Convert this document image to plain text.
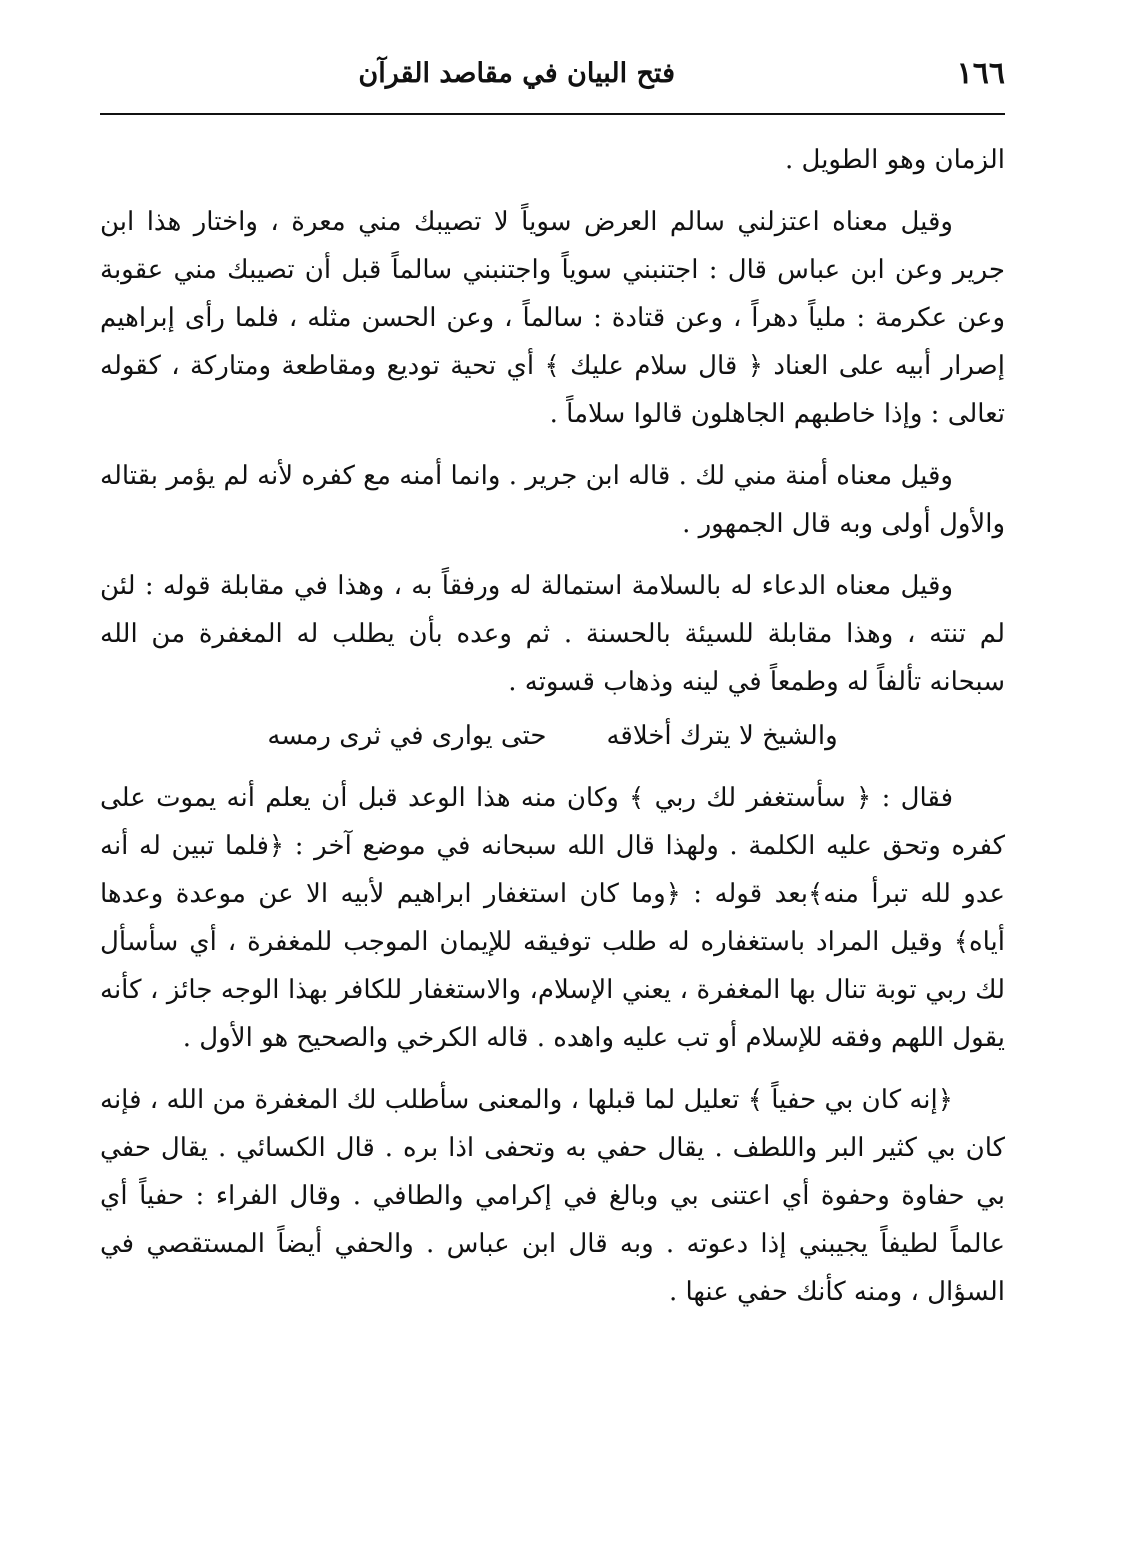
١٦٦
فتح البيان في مقاصد القرآن

الزمان وهو الطويل .

وقيل معناه اعتزلني سالم العرض سوياً لا تصيبك مني معرة ، واختار هذا ابن جرير وعن ابن عباس قال : اجتنبني سوياً واجتنبني سالماً قبل أن تصيبك مني عقوبة وعن عكرمة : ملياً دهراً ، وعن قتادة : سالماً ، وعن الحسن مثله ، فلما رأى إبراهيم إصرار أبيه على العناد ﴿ قال سلام عليك ﴾ أي تحية توديع ومقاطعة ومتاركة ، كقوله تعالى : وإذا خاطبهم الجاهلون قالوا سلاماً .

وقيل معناه أمنة مني لك . قاله ابن جرير . وانما أمنه مع كفره لأنه لم يؤمر بقتاله والأول أولى وبه قال الجمهور .

وقيل معناه الدعاء له بالسلامة استمالة له ورفقاً به ، وهذا في مقابلة قوله : لئن لم تنته ، وهذا مقابلة للسيئة بالحسنة . ثم وعده بأن يطلب له المغفرة من الله سبحانه تألفاً له وطمعاً في لينه وذهاب قسوته .

والشيخ لا يترك أخلاقه
حتى يوارى في ثرى رمسه

فقال : ﴿ سأستغفر لك ربي ﴾ وكان منه هذا الوعد قبل أن يعلم أنه يموت على كفره وتحق عليه الكلمة . ولهذا قال الله سبحانه في موضع آخر : ﴿فلما تبين له أنه عدو لله تبرأ منه﴾بعد قوله : ﴿وما كان استغفار ابراهيم لأبيه الا عن موعدة وعدها أياه﴾ وقيل المراد باستغفاره له طلب توفيقه للإيمان الموجب للمغفرة ، أي سأسأل لك ربي توبة تنال بها المغفرة ، يعني الإسلام، والاستغفار للكافر بهذا الوجه جائز ، كأنه يقول اللهم وفقه للإسلام أو تب عليه واهده . قاله الكرخي والصحيح هو الأول .

﴿إنه كان بي حفياً ﴾ تعليل لما قبلها ، والمعنى سأطلب لك المغفرة من الله ، فإنه كان بي كثير البر واللطف . يقال حفي به وتحفى اذا بره . قال الكسائي . يقال حفي بي حفاوة وحفوة أي اعتنى بي وبالغ في إكرامي والطافي . وقال الفراء : حفياً أي عالماً لطيفاً يجيبني إذا دعوته . وبه قال ابن عباس . والحفي أيضاً المستقصي في السؤال ، ومنه كأنك حفي عنها .
